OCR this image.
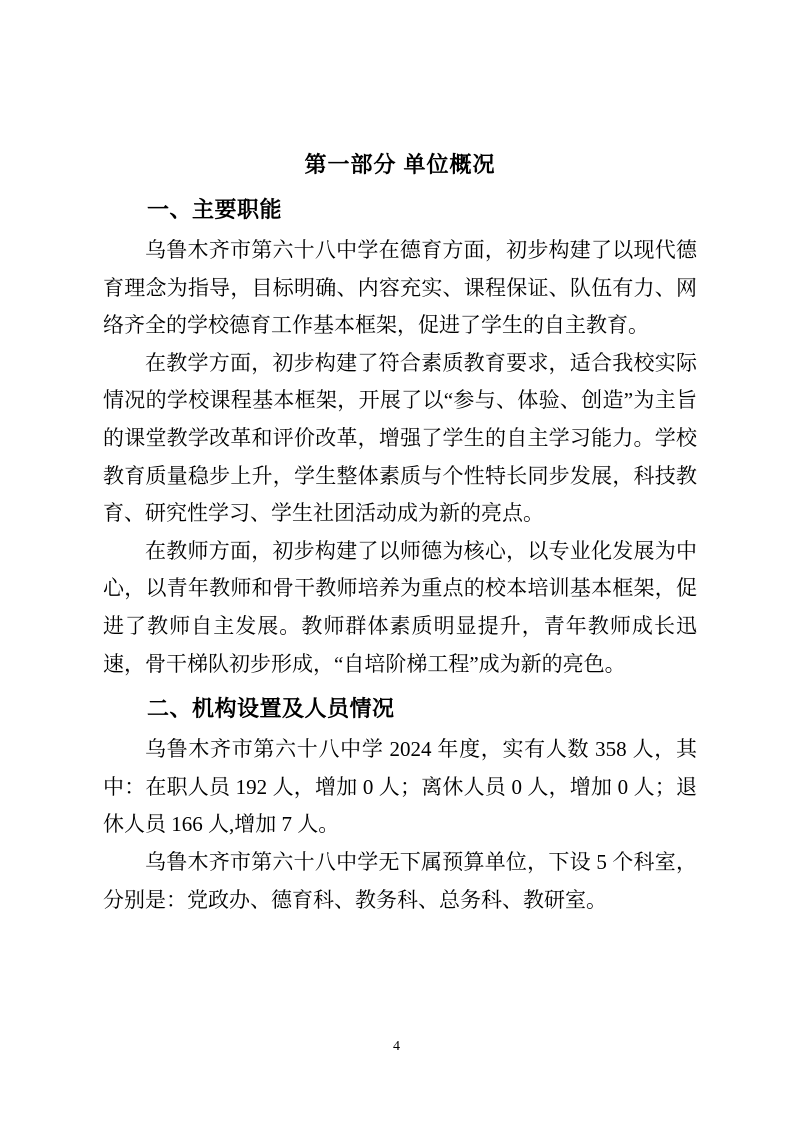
第一部分 单位概况
一、主要职能

乌鲁木齐市第六十八中学在德育方面，初步构建了以现代德育理念为指导，目标明确、内容充实、课程保证、队伍有力、网络齐全的学校德育工作基本框架，促进了学生的自主教育。

在教学方面，初步构建了符合素质教育要求，适合我校实际情况的学校课程基本框架，开展了以“参与、体验、创造”为主旨的课堂教学改革和评价改革，增强了学生的自主学习能力。学校教育质量稳步上升，学生整体素质与个性特长同步发展，科技教育、研究性学习、学生社团活动成为新的亮点。

在教师方面，初步构建了以师德为核心，以专业化发展为中心，以青年教师和骨干教师培养为重点的校本培训基本框架，促进了教师自主发展。教师群体素质明显提升，青年教师成长迅速，骨干梯队初步形成，“自培阶梯工程”成为新的亮色。

二、机构设置及人员情况

乌鲁木齐市第六十八中学 2024 年度，实有人数 358 人，其中：在职人员 192 人，增加 0 人；离休人员 0 人，增加 0 人；退休人员 166 人,增加 7 人。

乌鲁木齐市第六十八中学无下属预算单位，下设 5 个科室，分别是：党政办、德育科、教务科、总务科、教研室。

4
